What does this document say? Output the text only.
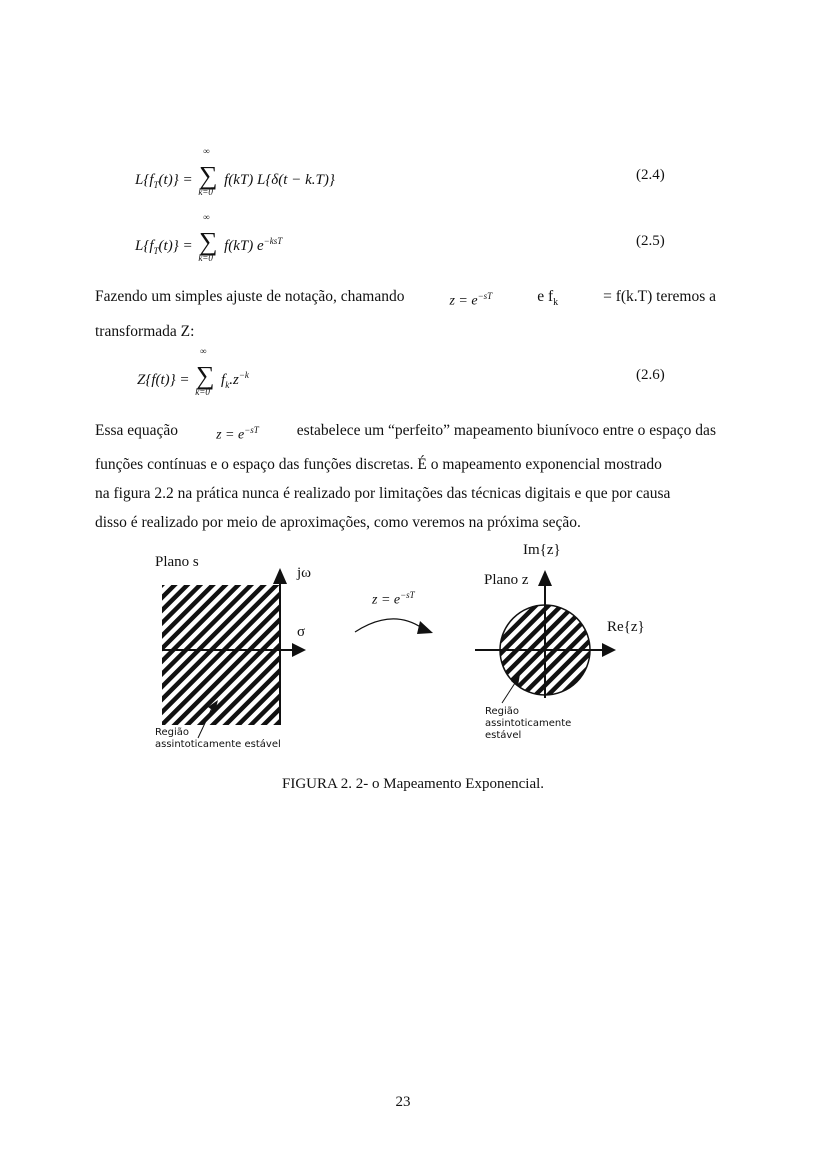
$L\{f_T(t)\}$ =
∞
∑
k=0
f(kT) L{δ(t − k.T)}	(2.4)
$L\{f_T(t)\}$ =
∞
∑
k=0
f(kT) $e^{-ksT}$	(2.5)
Fazendo um simples ajuste de notação, chamando	$z = e^{-sT}$	e $f_k$	= f(k.T) teremos a
transformada Z:
Z{f(t)} =
∞
∑
k=0
$f_k.z^{-k}$	(2.6)
Essa equação	$z = e^{-sT}$ estabelece um “perfeito” mapeamento biunívoco entre o espaço das
funções contínuas e o espaço das funções discretas. É o mapeamento exponencial mostrado
na figura 2.2 na prática nunca é realizado por limitações das técnicas digitais e que por causa
disso é realizado por meio de aproximações, como veremos na próxima seção.
Plano s
jω
σ
Região
assintoticamente estável
$z = e^{-sT}$
Im{z}
Plano z
Re{z}
Região
assintoticamente
estável
FIGURA 2. 2- o Mapeamento Exponencial.
23
